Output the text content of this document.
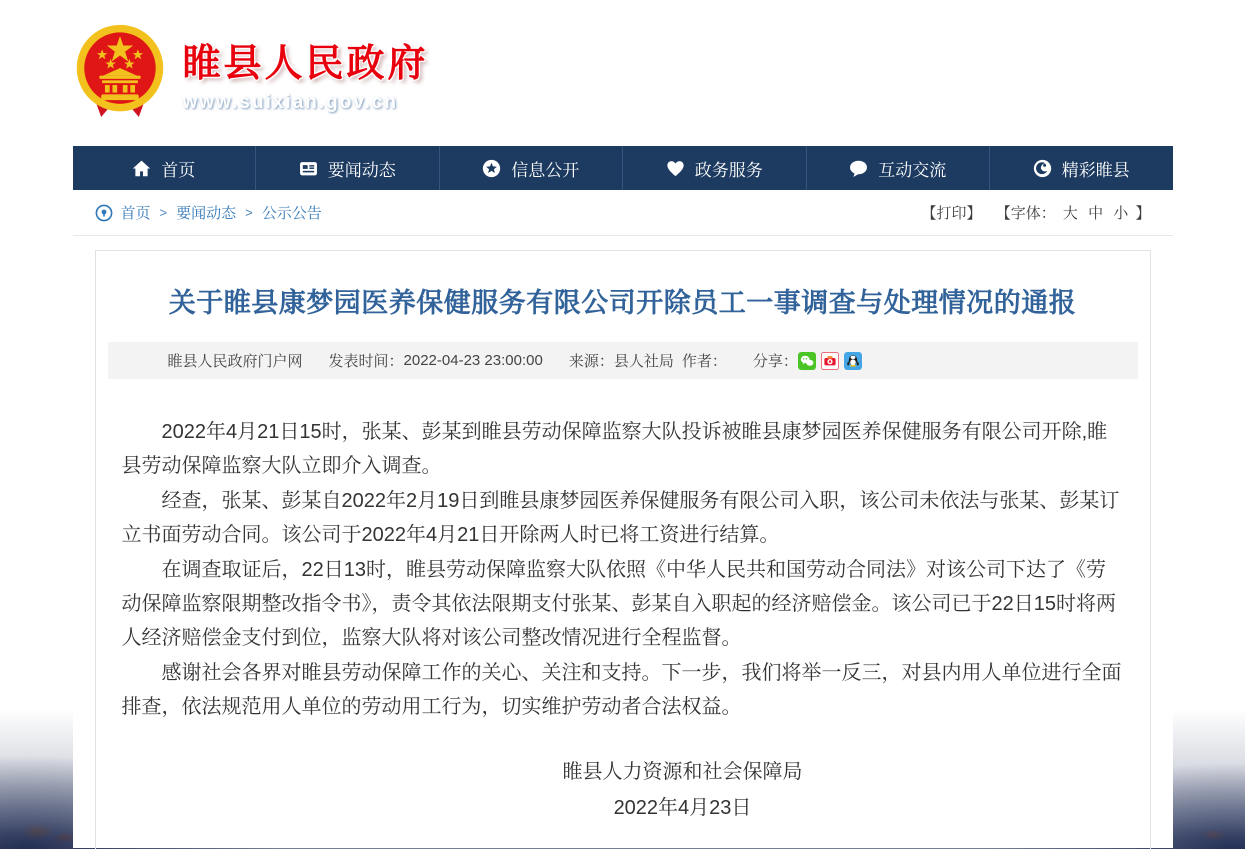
睢县人民政府
www.suixian.gov.cn
请输入关键字
首页	要闻动态	信息公开	政务服务	互动交流	精彩睢县
首页 > 要闻动态 > 公示公告	【打印】 【字体： 大 中 小 】
关于睢县康梦园医养保健服务有限公司开除员工一事调查与处理情况的通报
睢县人民政府门户网 发表时间： 2022-04-23 23:00:00 来源： 县人社局 作者： 分享：

2022年4月21日15时，张某、彭某到睢县劳动保障监察大队投诉被睢县康梦园医养保健服务有限公司开除,睢县劳动保障监察大队立即介入调查。

经查，张某、彭某自2022年2月19日到睢县康梦园医养保健服务有限公司入职，该公司未依法与张某、彭某订立书面劳动合同。该公司于2022年4月21日开除两人时已将工资进行结算。

在调查取证后，22日13时，睢县劳动保障监察大队依照《中华人民共和国劳动合同法》对该公司下达了《劳动保障监察限期整改指令书》，责令其依法限期支付张某、彭某自入职起的经济赔偿金。该公司已于22日15时将两人经济赔偿金支付到位，监察大队将对该公司整改情况进行全程监督。

感谢社会各界对睢县劳动保障工作的关心、关注和支持。下一步，我们将举一反三，对县内用人单位进行全面排查，依法规范用人单位的劳动用工行为，切实维护劳动者合法权益。

睢县人力资源和社会保障局
2022年4月23日
